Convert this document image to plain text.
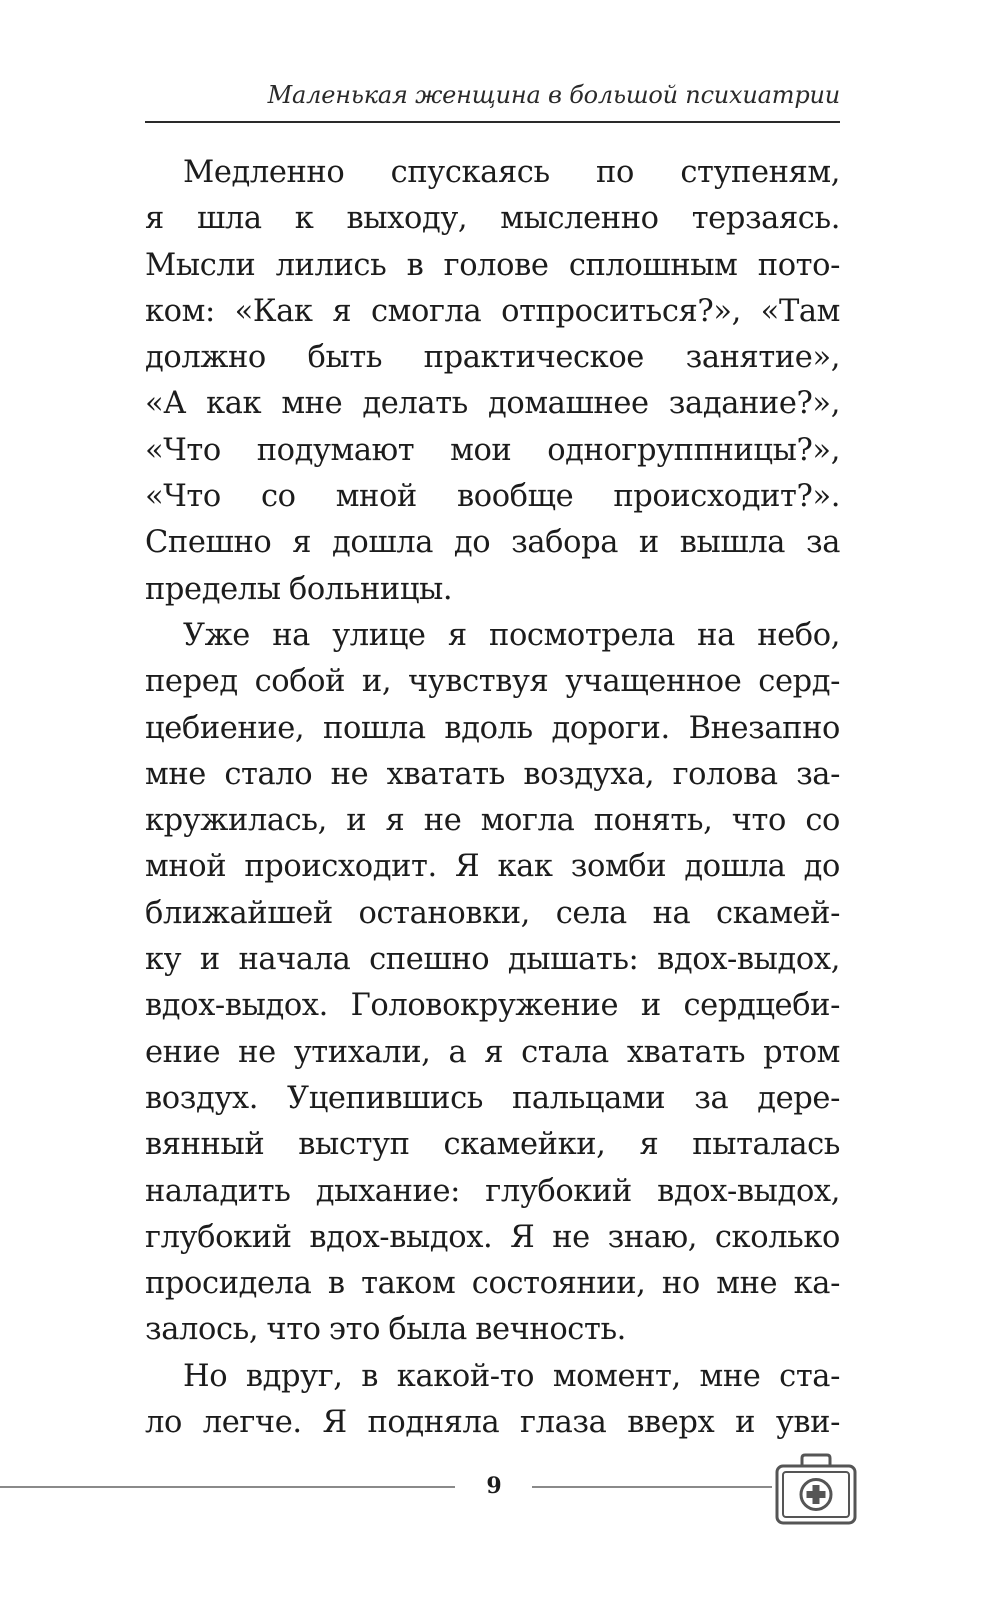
Маленькая женщина в большой психиатрии

Медленно спускаясь по ступеням,
я шла к выходу, мысленно терзаясь.
Мысли лились в голове сплошным пото-
ком: «Как я смогла отпроситься?», «Там
должно быть практическое занятие»,
«А как мне делать домашнее задание?»,
«Что подумают мои одногруппницы?»,
«Что со мной вообще происходит?».
Спешно я дошла до забора и вышла за
пределы больницы.

Уже на улице я посмотрела на небо,
перед собой и, чувствуя учащенное серд-
цебиение, пошла вдоль дороги. Внезапно
мне стало не хватать воздуха, голова за-
кружилась, и я не могла понять, что со
мной происходит. Я как зомби дошла до
ближайшей остановки, села на скамей-
ку и начала спешно дышать: вдох-выдох,
вдох-выдох. Головокружение и сердцеби-
ение не утихали, а я стала хватать ртом
воздух. Уцепившись пальцами за дере-
вянный выступ скамейки, я пыталась
наладить дыхание: глубокий вдох-выдох,
глубокий вдох-выдох. Я не знаю, сколько
просидела в таком состоянии, но мне ка-
залось, что это была вечность.

Но вдруг, в какой-то момент, мне ста-
ло легче. Я подняла глаза вверх и уви-

9
